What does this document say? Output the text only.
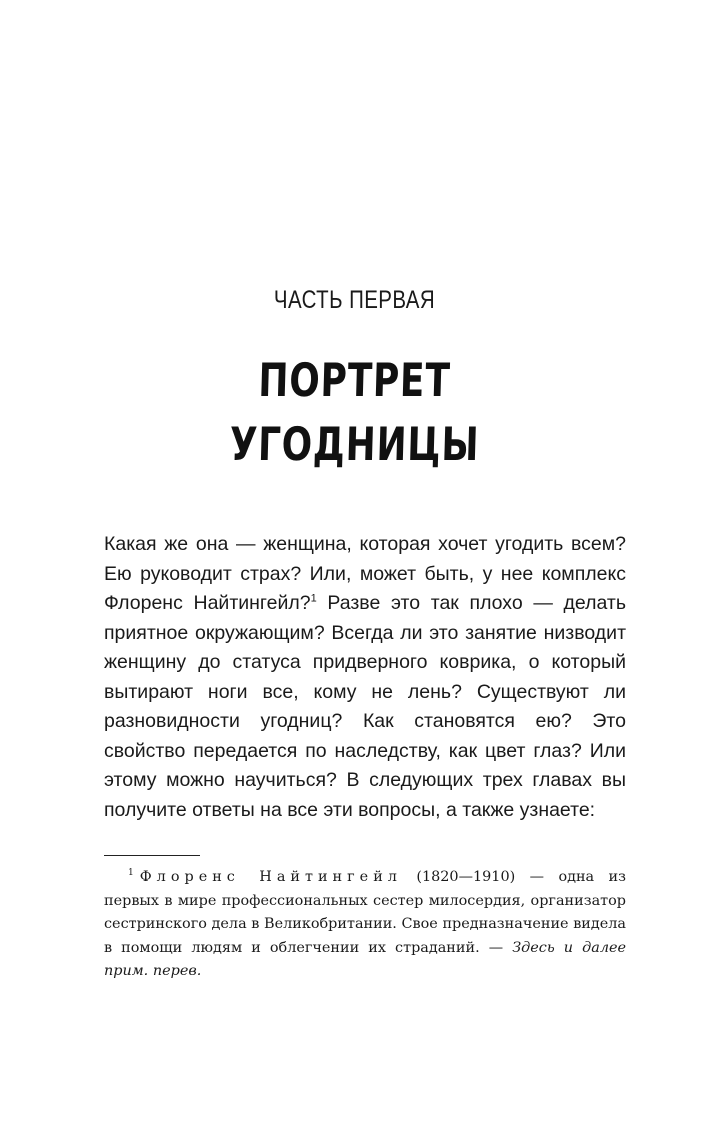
ЧАСТЬ ПЕРВАЯ
ПОРТРЕТ
УГОДНИЦЫ
Какая же она — женщина, которая хочет угодить всем? Ею руководит страх? Или, может быть, у нее комплекс Флоренс Найтингейл?$^1$ Разве это так плохо — делать приятное окружающим? Всегда ли это занятие низводит женщину до статуса придверного коврика, о который вытирают ноги все, кому не лень? Существуют ли разновидности угодниц? Как становятся ею? Это свойство передается по наследству, как цвет глаз? Или этому можно научиться? В следующих трех главах вы получите ответы на все эти вопросы, а также узнаете:
$^1$ Флоренс Найтингейл (1820—1910) — одна из первых в мире профессиональных сестер милосердия, организатор сестринского дела в Великобритании. Свое предназначение видела в помощи людям и облегчении их страданий. — Здесь и далее прим. перев.
